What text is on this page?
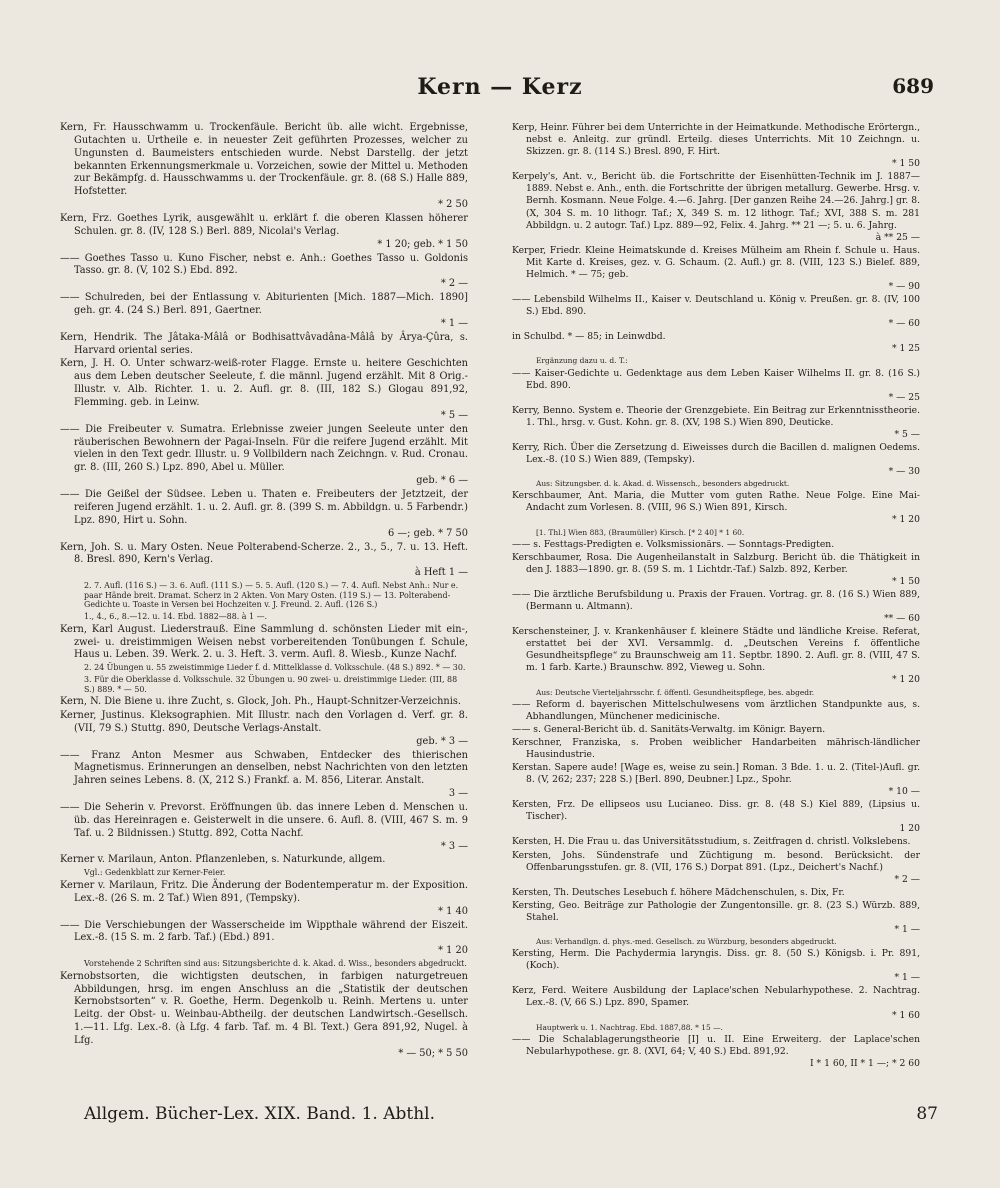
Kern — Kerz	689

Kern, Fr. Hausschwamm u. Trockenfäule. Bericht üb. alle wicht. Ergebnisse, Gutachten u. Urtheile e. in neuester Zeit geführten Prozesses, welcher zu Ungunsten d. Baumeisters entschieden wurde. Nebst Darstellg. der jetzt bekannten Erkennungsmerkmale u. Vorzeichen, sowie der Mittel u. Methoden zur Bekämpfg. d. Hausschwamms u. der Trockenfäule. gr. 8. (68 S.) Halle 889, Hofstetter.
* 2 50

Kern, Frz. Goethes Lyrik, ausgewählt u. erklärt f. die oberen Klassen höherer Schulen. gr. 8. (IV, 128 S.) Berl. 889, Nicolai's Verlag.
* 1 20; geb. * 1 50

—— Goethes Tasso u. Kuno Fischer, nebst e. Anh.: Goethes Tasso u. Goldonis Tasso. gr. 8. (V, 102 S.) Ebd. 892.
* 2 —

—— Schulreden, bei der Entlassung v. Abiturienten [Mich. 1887—Mich. 1890] geh. gr. 4. (24 S.) Berl. 891, Gaertner.
* 1 —

Kern, Hendrik. The Jâtaka-Mâlâ or Bodhisattvâvadâna-Mâlâ by Ârya-Çûra, s. Harvard oriental series.

Kern, J. H. O. Unter schwarz-weiß-roter Flagge. Ernste u. heitere Geschichten aus dem Leben deutscher Seeleute, f. die männl. Jugend erzählt. Mit 8 Orig.-Illustr. v. Alb. Richter. 1. u. 2. Aufl. gr. 8. (III, 182 S.) Glogau 891,92, Flemming. geb. in Leinw.
* 5 —

—— Die Freibeuter v. Sumatra. Erlebnisse zweier jungen Seeleute unter den räuberischen Bewohnern der Pagai-Inseln. Für die reifere Jugend erzählt. Mit vielen in den Text gedr. Illustr. u. 9 Vollbildern nach Zeichngn. v. Rud. Cronau. gr. 8. (III, 260 S.) Lpz. 890, Abel u. Müller.
geb. * 6 —

—— Die Geißel der Südsee. Leben u. Thaten e. Freibeuters der Jetztzeit, der reiferen Jugend erzählt. 1. u. 2. Aufl. gr. 8. (399 S. m. Abbildgn. u. 5 Farbendr.) Lpz. 890, Hirt u. Sohn.
6 —; geb. * 7 50

Kern, Joh. S. u. Mary Osten. Neue Polterabend-Scherze. 2., 3., 5., 7. u. 13. Heft. 8. Bresl. 890, Kern's Verlag.
à Heft 1 —

2. 7. Aufl. (116 S.) — 3. 6. Aufl. (111 S.) — 5. 5. Aufl. (120 S.) — 7. 4. Aufl. Nebst Anh.: Nur e. paar Hände breit. Dramat. Scherz in 2 Akten. Von Mary Osten. (119 S.) — 13. Polterabend-Gedichte u. Toaste in Versen bei Hochzeiten v. J. Freund. 2. Aufl. (126 S.)

1., 4., 6., 8.—12. u. 14. Ebd. 1882—88. à 1 —.

Kern, Karl August. Liederstrauß. Eine Sammlung d. schönsten Lieder mit ein-, zwei- u. dreistimmigen Weisen nebst vorbereitenden Tonübungen f. Schule, Haus u. Leben. 39. Werk. 2. u. 3. Heft. 3. verm. Aufl. 8. Wiesb., Kunze Nachf.

2. 24 Übungen u. 55 zweistimmige Lieder f. d. Mittelklasse d. Volksschule. (48 S.) 892. * — 30.

3. Für die Oberklasse d. Volksschule. 32 Übungen u. 90 zwei- u. dreistimmige Lieder. (III, 88 S.) 889. * — 50.

Kern, N. Die Biene u. ihre Zucht, s. Glock, Joh. Ph., Haupt-Schnitzer-Verzeichnis.

Kerner, Justinus. Kleksographien. Mit Illustr. nach den Vorlagen d. Verf. gr. 8. (VII, 79 S.) Stuttg. 890, Deutsche Verlags-Anstalt.
geb. * 3 —

—— Franz Anton Mesmer aus Schwaben, Entdecker des thierischen Magnetismus. Erinnerungen an denselben, nebst Nachrichten von den letzten Jahren seines Lebens. 8. (X, 212 S.) Frankf. a. M. 856, Literar. Anstalt.
3 —

—— Die Seherin v. Prevorst. Eröffnungen üb. das innere Leben d. Menschen u. üb. das Hereinragen e. Geisterwelt in die unsere. 6. Aufl. 8. (VIII, 467 S. m. 9 Taf. u. 2 Bildnissen.) Stuttg. 892, Cotta Nachf.
* 3 —

Kerner v. Marilaun, Anton. Pflanzenleben, s. Naturkunde, allgem.

Vgl.: Gedenkblatt zur Kerner-Feier.

Kerner v. Marilaun, Fritz. Die Änderung der Bodentemperatur m. der Exposition. Lex.-8. (26 S. m. 2 Taf.) Wien 891, (Tempsky).
* 1 40

—— Die Verschiebungen der Wasserscheide im Wippthale während der Eiszeit. Lex.-8. (15 S. m. 2 farb. Taf.) (Ebd.) 891.
* 1 20

Vorstehende 2 Schriften sind aus: Sitzungsberichte d. k. Akad. d. Wiss., besonders abgedruckt.

Kernobstsorten, die wichtigsten deutschen, in farbigen naturgetreuen Abbildungen, hrsg. im engen Anschluss an die „Statistik der deutschen Kernobstsorten“ v. R. Goethe, Herm. Degenkolb u. Reinh. Mertens u. unter Leitg. der Obst- u. Weinbau-Abtheilg. der deutschen Landwirtsch.-Gesellsch. 1.—11. Lfg. Lex.-8. (à Lfg. 4 farb. Taf. m. 4 Bl. Text.) Gera 891,92, Nugel. à Lfg.
* — 50; * 5 50

Kerp, Heinr. Führer bei dem Unterrichte in der Heimatkunde. Methodische Erörtergn., nebst e. Anleitg. zur gründl. Erteilg. dieses Unterrichts. Mit 10 Zeichngn. u. Skizzen. gr. 8. (114 S.) Bresl. 890, F. Hirt.
* 1 50

Kerpely's, Ant. v., Bericht üb. die Fortschritte der Eisenhütten-Technik im J. 1887—1889. Nebst e. Anh., enth. die Fortschritte der übrigen metallurg. Gewerbe. Hrsg. v. Bernh. Kosmann. Neue Folge. 4.—6. Jahrg. [Der ganzen Reihe 24.—26. Jahrg.] gr. 8. (X, 304 S. m. 10 lithogr. Taf.; X, 349 S. m. 12 lithogr. Taf.; XVI, 388 S. m. 281 Abbildgn. u. 2 autogr. Taf.) Lpz. 889—92, Felix. 4. Jahrg. ** 21 —; 5. u. 6. Jahrg.
à ** 25 —

Kerper, Friedr. Kleine Heimatskunde d. Kreises Mülheim am Rhein f. Schule u. Haus. Mit Karte d. Kreises, gez. v. G. Schaum. (2. Aufl.) gr. 8. (VIII, 123 S.) Bielef. 889, Helmich. * — 75; geb.
* — 90

—— Lebensbild Wilhelms II., Kaiser v. Deutschland u. König v. Preußen. gr. 8. (IV, 100 S.) Ebd. 890.
* — 60

in Schulbd. * — 85; in Leinwdbd.
* 1 25

Ergänzung dazu u. d. T.:

—— Kaiser-Gedichte u. Gedenktage aus dem Leben Kaiser Wilhelms II. gr. 8. (16 S.) Ebd. 890.
* — 25

Kerry, Benno. System e. Theorie der Grenzgebiete. Ein Beitrag zur Erkenntnisstheorie. 1. Thl., hrsg. v. Gust. Kohn. gr. 8. (XV, 198 S.) Wien 890, Deuticke.
* 5 —

Kerry, Rich. Über die Zersetzung d. Eiweisses durch die Bacillen d. malignen Oedems. Lex.-8. (10 S.) Wien 889, (Tempsky).
* — 30

Aus: Sitzungsber. d. k. Akad. d. Wissensch., besonders abgedruckt.

Kerschbaumer, Ant. Maria, die Mutter vom guten Rathe. Neue Folge. Eine Mai-Andacht zum Vorlesen. 8. (VIII, 96 S.) Wien 891, Kirsch.
* 1 20

[1. Thl.] Wien 883, (Braumüller) Kirsch. [* 2 40] * 1 60.

—— s. Festtags-Predigten e. Volksmissionärs. — Sonntags-Predigten.

Kerschbaumer, Rosa. Die Augenheilanstalt in Salzburg. Bericht üb. die Thätigkeit in den J. 1883—1890. gr. 8. (59 S. m. 1 Lichtdr.-Taf.) Salzb. 892, Kerber.
* 1 50

—— Die ärztliche Berufsbildung u. Praxis der Frauen. Vortrag. gr. 8. (16 S.) Wien 889, (Bermann u. Altmann).
** — 60

Kerschensteiner, J. v. Krankenhäuser f. kleinere Städte und ländliche Kreise. Referat, erstattet bei der XVI. Versammlg. d. „Deutschen Vereins f. öffentliche Gesundheitspflege“ zu Braunschweig am 11. Septbr. 1890. 2. Aufl. gr. 8. (VIII, 47 S. m. 1 farb. Karte.) Braunschw. 892, Vieweg u. Sohn.
* 1 20

Aus: Deutsche Vierteljahrsschr. f. öffentl. Gesundheitspflege, bes. abgedr.

—— Reform d. bayerischen Mittelschulwesens vom ärztlichen Standpunkte aus, s. Abhandlungen, Münchener medicinische.

—— s. General-Bericht üb. d. Sanitäts-Verwaltg. im Königr. Bayern.

Kerschner, Franziska, s. Proben weiblicher Handarbeiten mährisch-ländlicher Hausindustrie.

Kerstan. Sapere aude! [Wage es, weise zu sein.] Roman. 3 Bde. 1. u. 2. (Titel-)Aufl. gr. 8. (V, 262; 237; 228 S.) [Berl. 890, Deubner.] Lpz., Spohr.
* 10 —

Kersten, Frz. De ellipseos usu Lucianeo. Diss. gr. 8. (48 S.) Kiel 889, (Lipsius u. Tischer).
1 20

Kersten, H. Die Frau u. das Universitätsstudium, s. Zeitfragen d. christl. Volkslebens.

Kersten, Johs. Sündenstrafe und Züchtigung m. besond. Berücksicht. der Offenbarungsstufen. gr. 8. (VII, 176 S.) Dorpat 891. (Lpz., Deichert's Nachf.)
* 2 —

Kersten, Th. Deutsches Lesebuch f. höhere Mädchenschulen, s. Dix, Fr.

Kersting, Geo. Beiträge zur Pathologie der Zungentonsille. gr. 8. (23 S.) Würzb. 889, Stahel.
* 1 —

Aus: Verhandlgn. d. phys.-med. Gesellsch. zu Würzburg, besonders abgedruckt.

Kersting, Herm. Die Pachydermia laryngis. Diss. gr. 8. (50 S.) Königsb. i. Pr. 891, (Koch).
* 1 —

Kerz, Ferd. Weitere Ausbildung der Laplace'schen Nebularhypothese. 2. Nachtrag. Lex.-8. (V, 66 S.) Lpz. 890, Spamer.
* 1 60

Hauptwerk u. 1. Nachtrag. Ebd. 1887,88. * 15 —.

—— Die Schalablagerungstheorie [I] u. II. Eine Erweiterg. der Laplace'schen Nebularhypothese. gr. 8. (XVI, 64; V, 40 S.) Ebd. 891,92.
I * 1 60, II * 1 —; * 2 60

Allgem. Bücher-Lex. XIX. Band. 1. Abthl.	87
